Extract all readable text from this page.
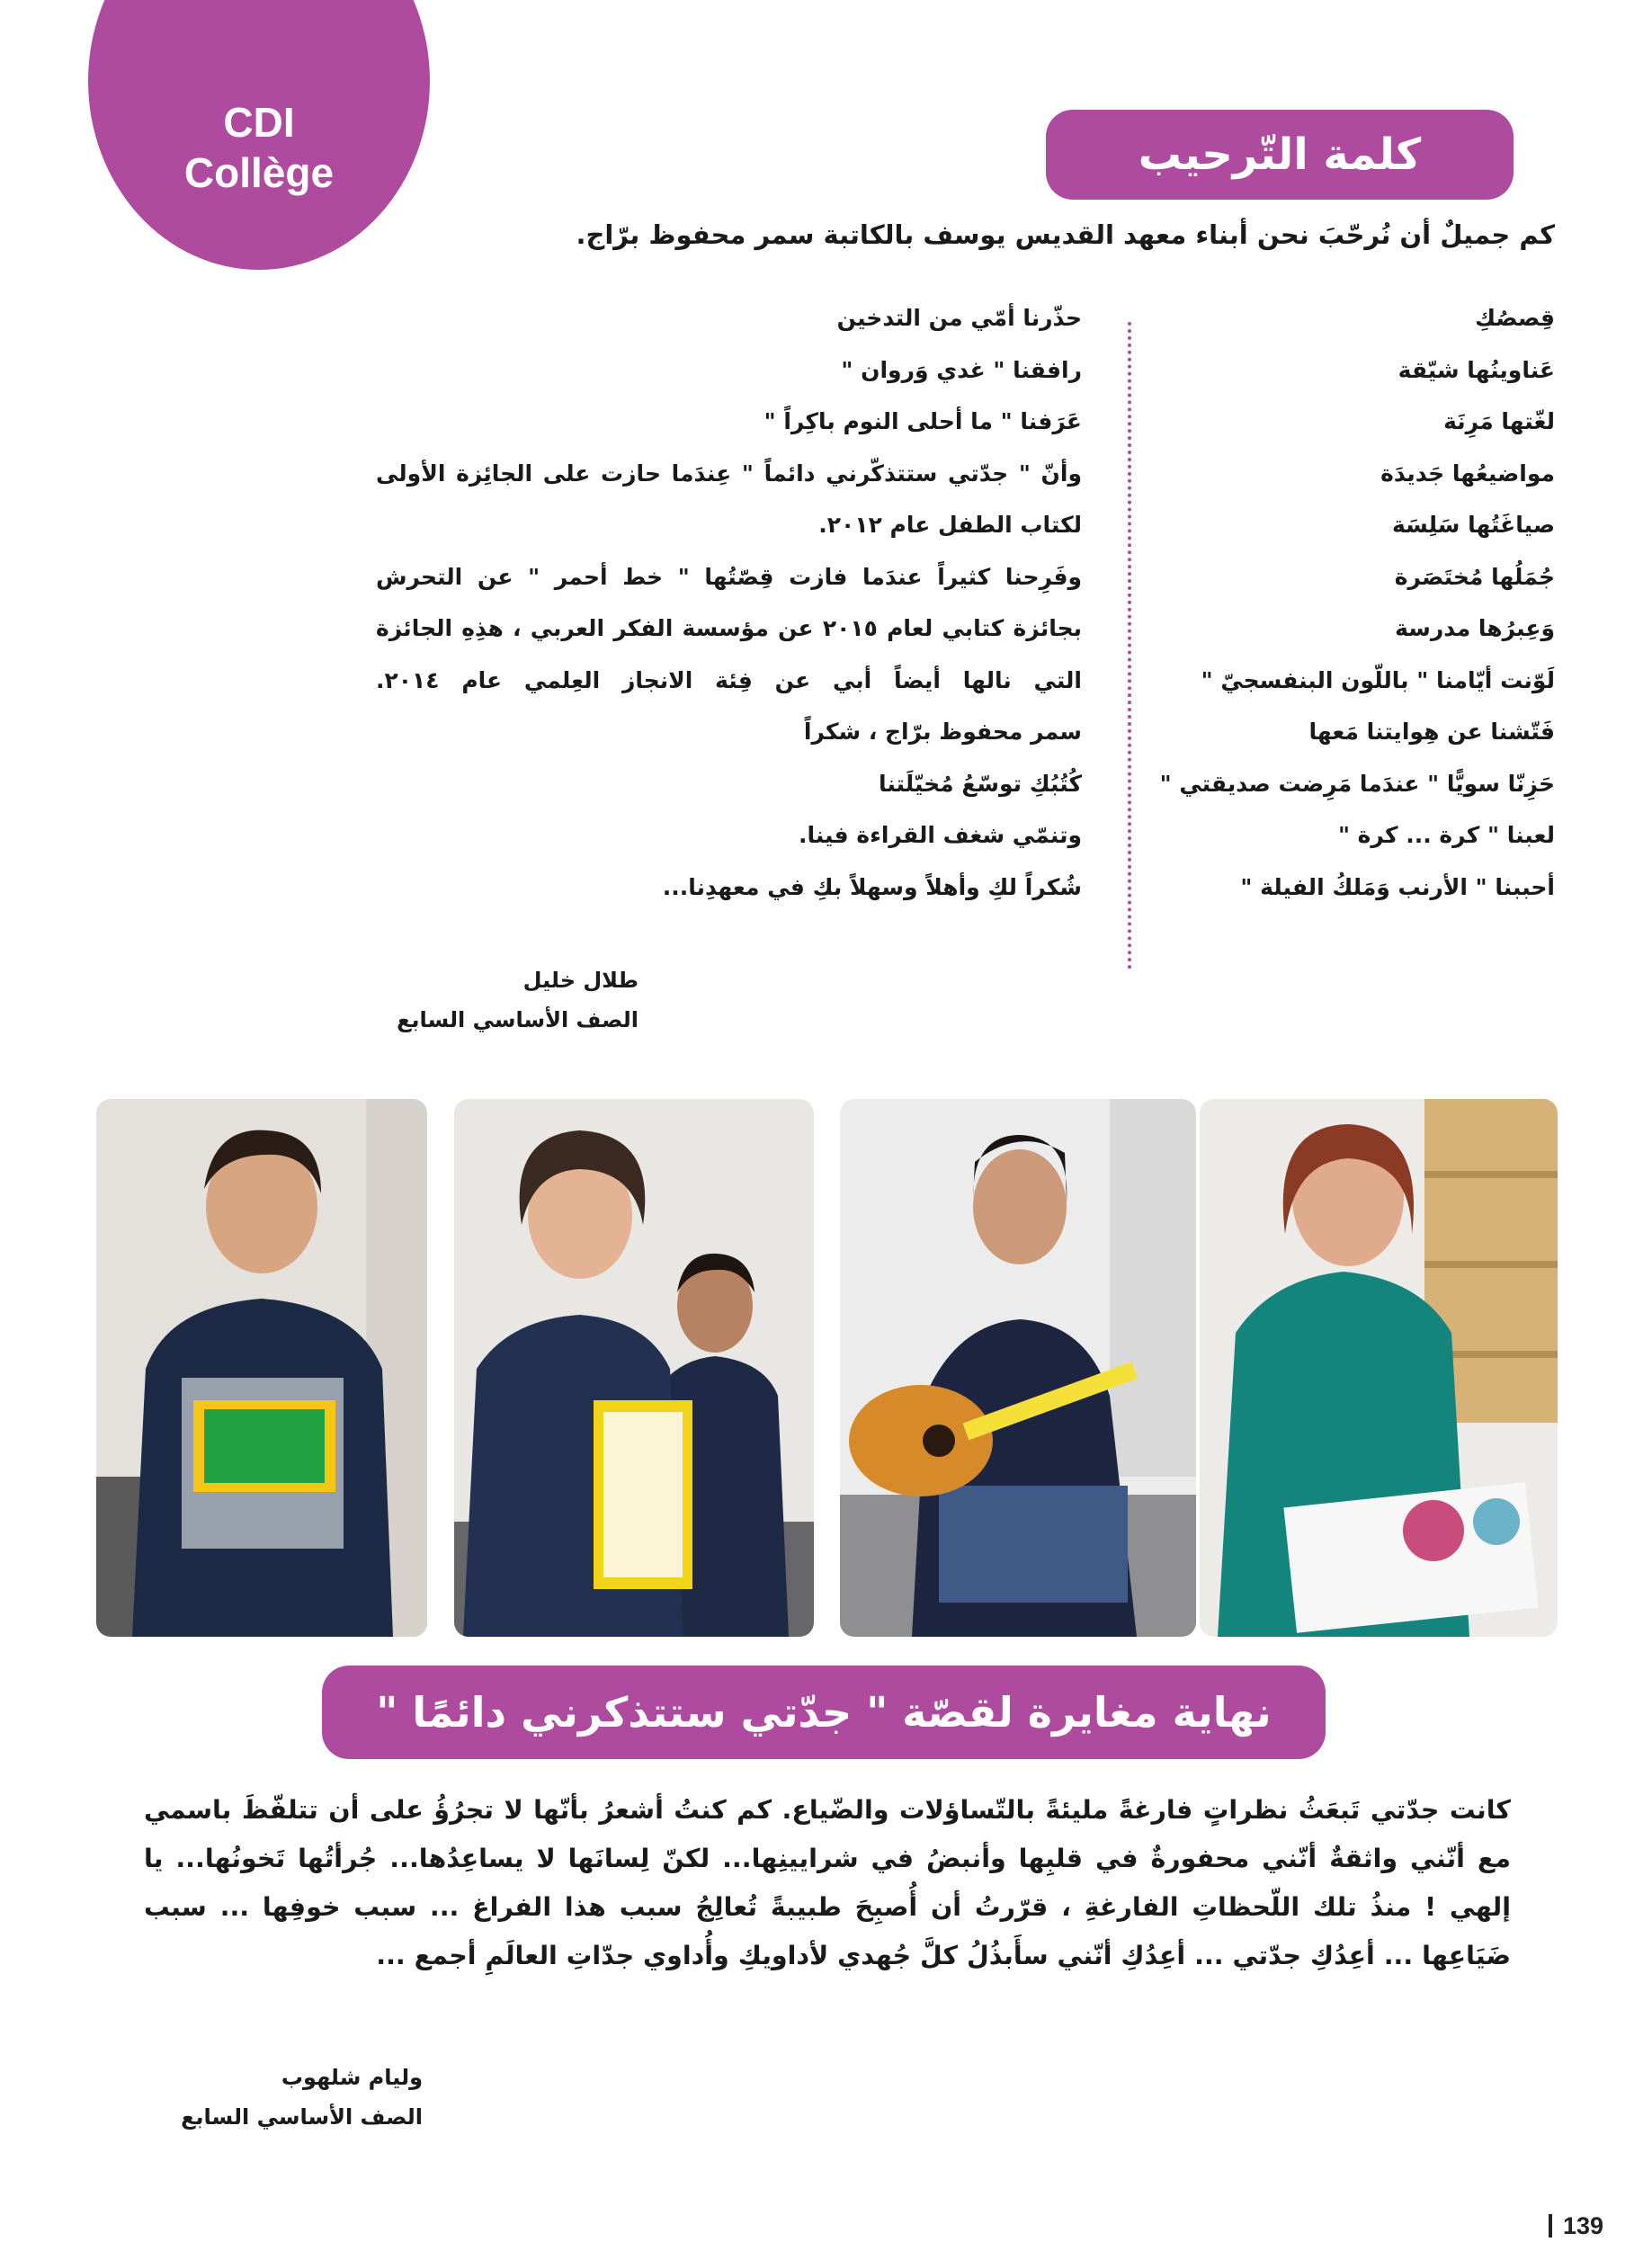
CDI
Collège	كلمة التّرحيب
كم جميلٌ أن نُرحّبَ نحن أبناء معهد القديس يوسف بالكاتبة سمر محفوظ برّاج.
قِصصُكِ
عَناوينُها شيّقة
لغّتها مَرِنَة
مواضيعُها جَديدَة
صياغَتُها سَلِسَة
جُمَلُها مُختَصَرة
وَعِبرُها مدرسة
لَوّنت أيّامنا " باللّون البنفسجيّ "
فَتّشنا عن هِوايتنا مَعها
حَزِنّا سويًّا " عندَما مَرِضت صديقتي "
لعبنا " كرة ... كرة "
أحببنا " الأرنب وَمَلكُ الفيلة "
حذّرنا أمّي من التدخين
رافقنا " غدي وَروان "
عَرَفنا " ما أحلى النوم باكِراً "
وأنّ " جدّتي ستتذكّرني دائماً " عِندَما حازت على الجائِزة الأولى
لكتاب الطفل عام ٢٠١٢.
وفَرِحنا كثيراً عندَما فازت قِصّتُها " خط أحمر " عن التحرش
بجائزة كتابي لعام ٢٠١٥ عن مؤسسة الفكر العربي ، هذِهِ الجائزة
التي نالها أيضاً أبي عن فِئة الانجاز العِلمي عام ٢٠١٤.
سمر محفوظ برّاج ، شكراً
كُتُبُكِ توسّعُ مُخيّلَتنا
وتنمّي شغف القراءة فينا.
شُكراً لكِ وأهلاً وسهلاً بكِ في معهدِنا...
طلال خليل
الصف الأساسي السابع
نهاية مغايرة لقصّة " جدّتي ستتذكرني دائمًا "
كانت جدّتي تَبعَثُ نظراتٍ فارغةً مليئةً بالتّساؤلات والضّياع. كم كنتُ أشعرُ بأنّها لا تجرُؤُ على أن تتلفّظَ باسمي مع أنّني واثقةٌ أنّني محفورةٌ في قلبِها وأنبضُ في شرايينِها... لكنّ لِسانَها لا يساعِدُها... جُرأتُها تَخونُها... يا إلهي ! منذُ تلك اللّحظاتِ الفارغةِ ، قرّرتُ أن أُصبِحَ طبيبةً تُعالِجُ سبب هذا الفراغ ... سبب خوفِها ... سبب ضَيَاعِها ... أعِدُكِ جدّتي ... أعِدُكِ أنّني سأَبذُلُ كلَّ جُهدي لأداويكِ وأُداوي جدّاتِ العالَمِ أجمع ...
وليام شلهوب
الصف الأساسي السابع
139
